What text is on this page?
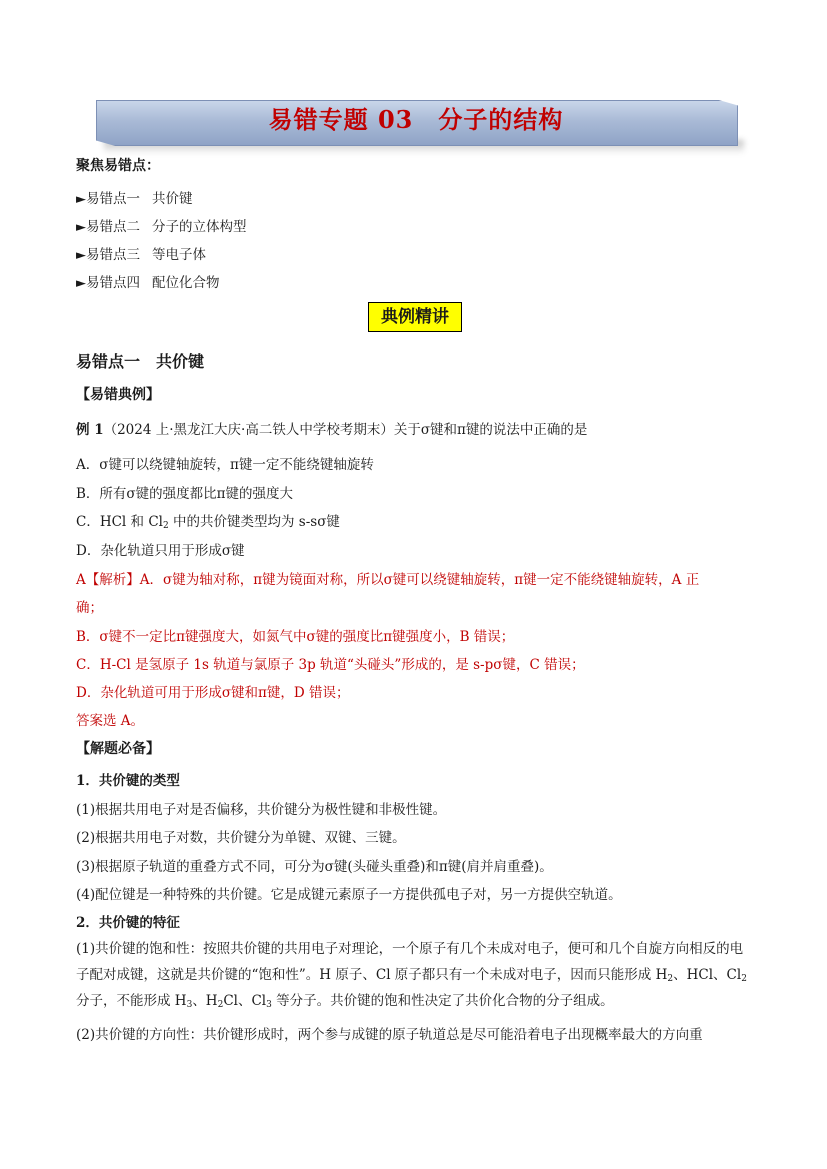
易错专题 03　分子的结构
聚焦易错点：
►易错点一 共价键
►易错点二 分子的立体构型
►易错点三 等电子体
►易错点四 配位化合物
典例精讲
易错点一　共价键
【易错典例】
例 1（2024 上·黑龙江大庆·高二铁人中学校考期末）关于σ键和π键的说法中正确的是
A．σ键可以绕键轴旋转，π键一定不能绕键轴旋转
B．所有σ键的强度都比π键的强度大
C．HCl 和 $Cl_2$ 中的共价键类型均为 s-sσ键
D．杂化轨道只用于形成σ键
A【解析】A．σ键为轴对称，π键为镜面对称，所以σ键可以绕键轴旋转，π键一定不能绕键轴旋转，A 正
确；
B．σ键不一定比π键强度大，如氮气中σ键的强度比π键强度小，B 错误；
C．H-Cl 是氢原子 1s 轨道与氯原子 3p 轨道“头碰头”形成的，是 s-pσ键，C 错误；
D．杂化轨道可用于形成σ键和π键，D 错误；
答案选 A。
【解题必备】
1．共价键的类型
(1)根据共用电子对是否偏移，共价键分为极性键和非极性键。
(2)根据共用电子对数，共价键分为单键、双键、三键。
(3)根据原子轨道的重叠方式不同，可分为σ键(头碰头重叠)和π键(肩并肩重叠)。
(4)配位键是一种特殊的共价键。它是成键元素原子一方提供孤电子对，另一方提供空轨道。
2．共价键的特征
(1)共价键的饱和性：按照共价键的共用电子对理论，一个原子有几个未成对电子，便可和几个自旋方向相反的电子配对成键，这就是共价键的“饱和性”。H 原子、Cl 原子都只有一个未成对电子，因而只能形成 $H_2$、HCl、$Cl_2$ 分子，不能形成 $H_3$、$H_2Cl$、$Cl_3$ 等分子。共价键的饱和性决定了共价化合物的分子组成。
(2)共价键的方向性：共价键形成时，两个参与成键的原子轨道总是尽可能沿着电子出现概率最大的方向重
